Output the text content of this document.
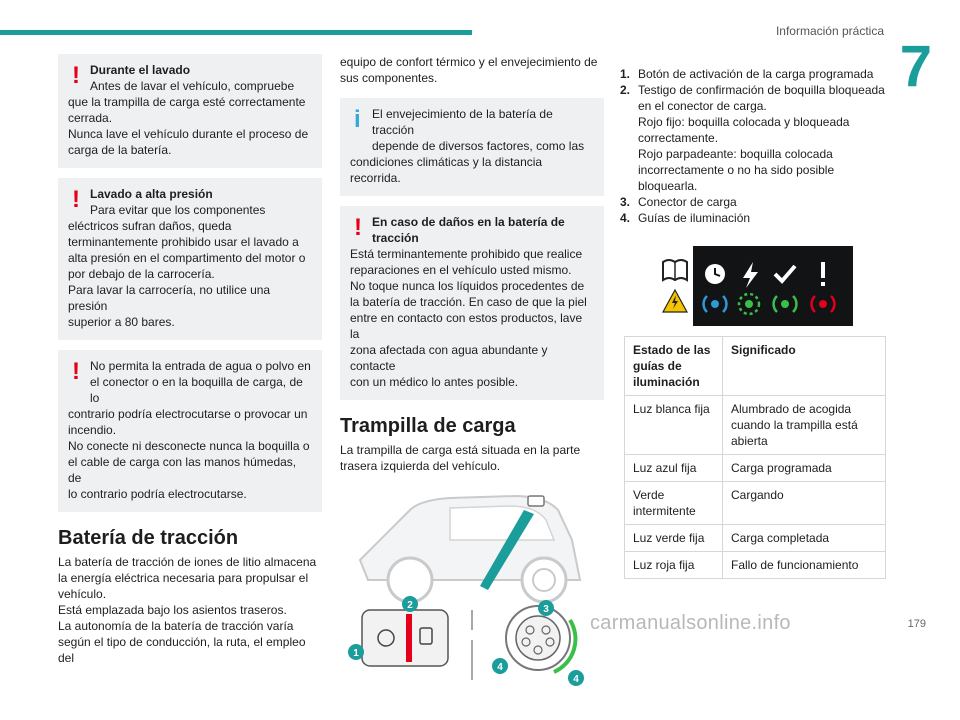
Información práctica
7
! Durante el lavado
Antes de lavar el vehículo, compruebe
que la trampilla de carga esté correctamente
cerrada.
Nunca lave el vehículo durante el proceso de
carga de la batería.
! Lavado a alta presión
Para evitar que los componentes
eléctricos sufran daños, queda
terminantemente prohibido usar el lavado a
alta presión en el compartimento del motor o
por debajo de la carrocería.
Para lavar la carrocería, no utilice una presión
superior a 80 bares.
! No permita la entrada de agua o polvo en
el conector o en la boquilla de carga, de lo
contrario podría electrocutarse o provocar un
incendio.
No conecte ni desconecte nunca la boquilla o
el cable de carga con las manos húmedas, de
lo contrario podría electrocutarse.
Batería de tracción
La batería de tracción de iones de litio almacena
la energía eléctrica necesaria para propulsar el
vehículo.
Está emplazada bajo los asientos traseros.
La autonomía de la batería de tracción varía
según el tipo de conducción, la ruta, el empleo del
equipo de confort térmico y el envejecimiento de
sus componentes.
i El envejecimiento de la batería de tracción
depende de diversos factores, como las
condiciones climáticas y la distancia recorrida.
! En caso de daños en la batería de tracción
Está terminantemente prohibido que realice
reparaciones en el vehículo usted mismo.
No toque nunca los líquidos procedentes de
la batería de tracción. En caso de que la piel
entre en contacto con estos productos, lave la
zona afectada con agua abundante y contacte
con un médico lo antes posible.
Trampilla de carga
La trampilla de carga está situada en la parte
trasera izquierda del vehículo.
1
2	3
4
4
1. Botón de activación de la carga programada
2. Testigo de confirmación de boquilla bloqueada
en el conector de carga.
Rojo fijo: boquilla colocada y bloqueada
correctamente.
Rojo parpadeante: boquilla colocada
incorrectamente o no ha sido posible
bloquearla.
3. Conector de carga
4. Guías de iluminación
Estado de las guías de iluminación	Significado
Luz blanca fija	Alumbrado de acogida cuando la trampilla está abierta
Luz azul fija	Carga programada
Verde intermitente	Cargando
Luz verde fija	Carga completada
Luz roja fija	Fallo de funcionamiento
carmanualsonline.info	179
